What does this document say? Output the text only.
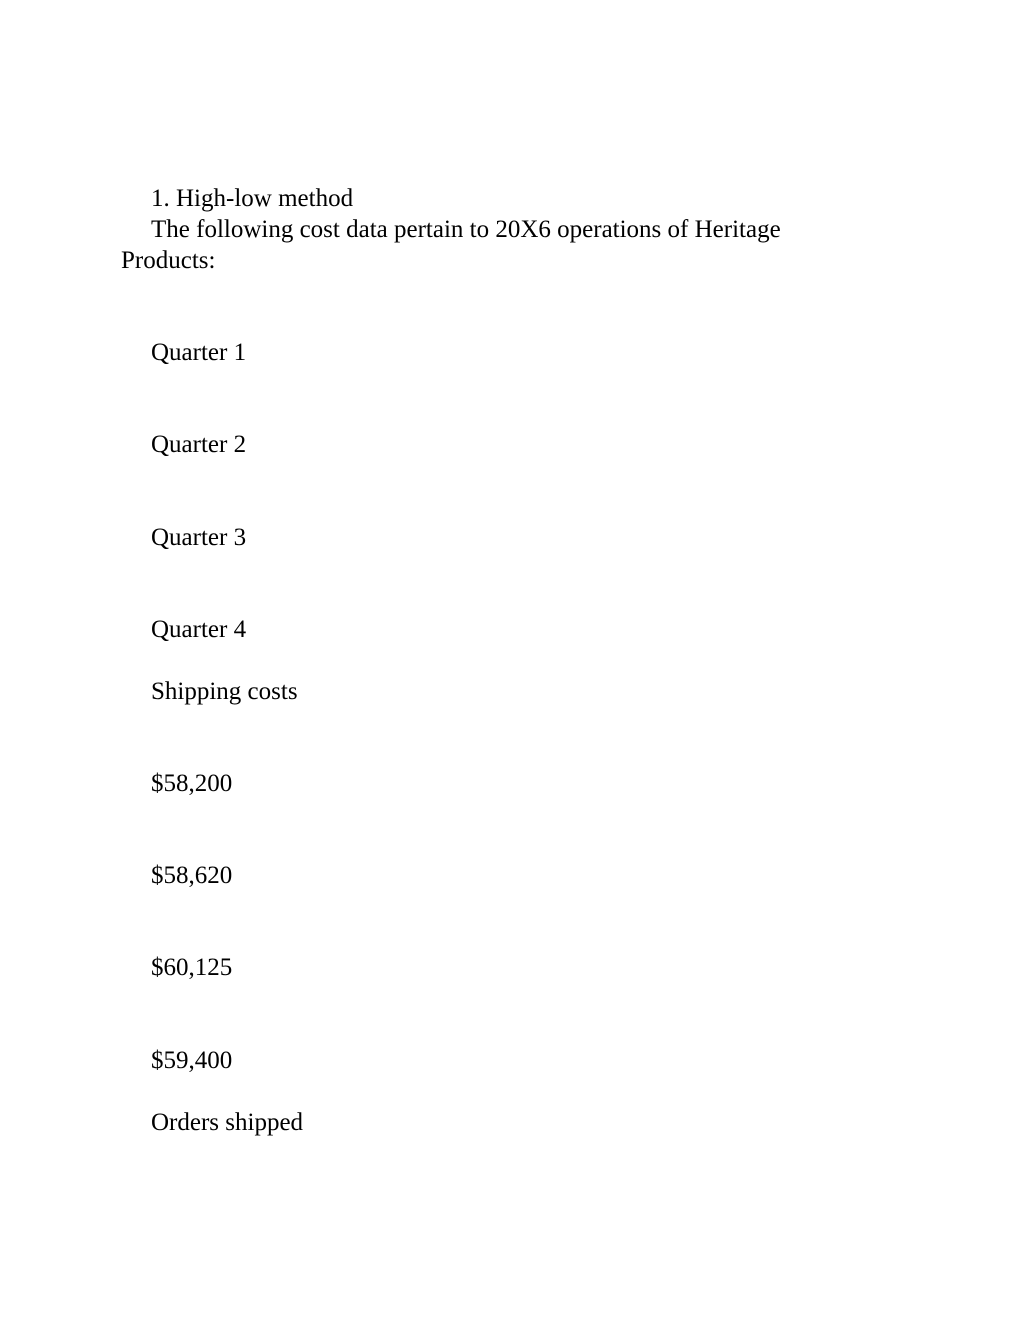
1. High-low method
The following cost data pertain to 20X6 operations of Heritage
Products:
Quarter 1
Quarter 2
Quarter 3
Quarter 4
Shipping costs
$58,200
$58,620
$60,125
$59,400
Orders shipped
